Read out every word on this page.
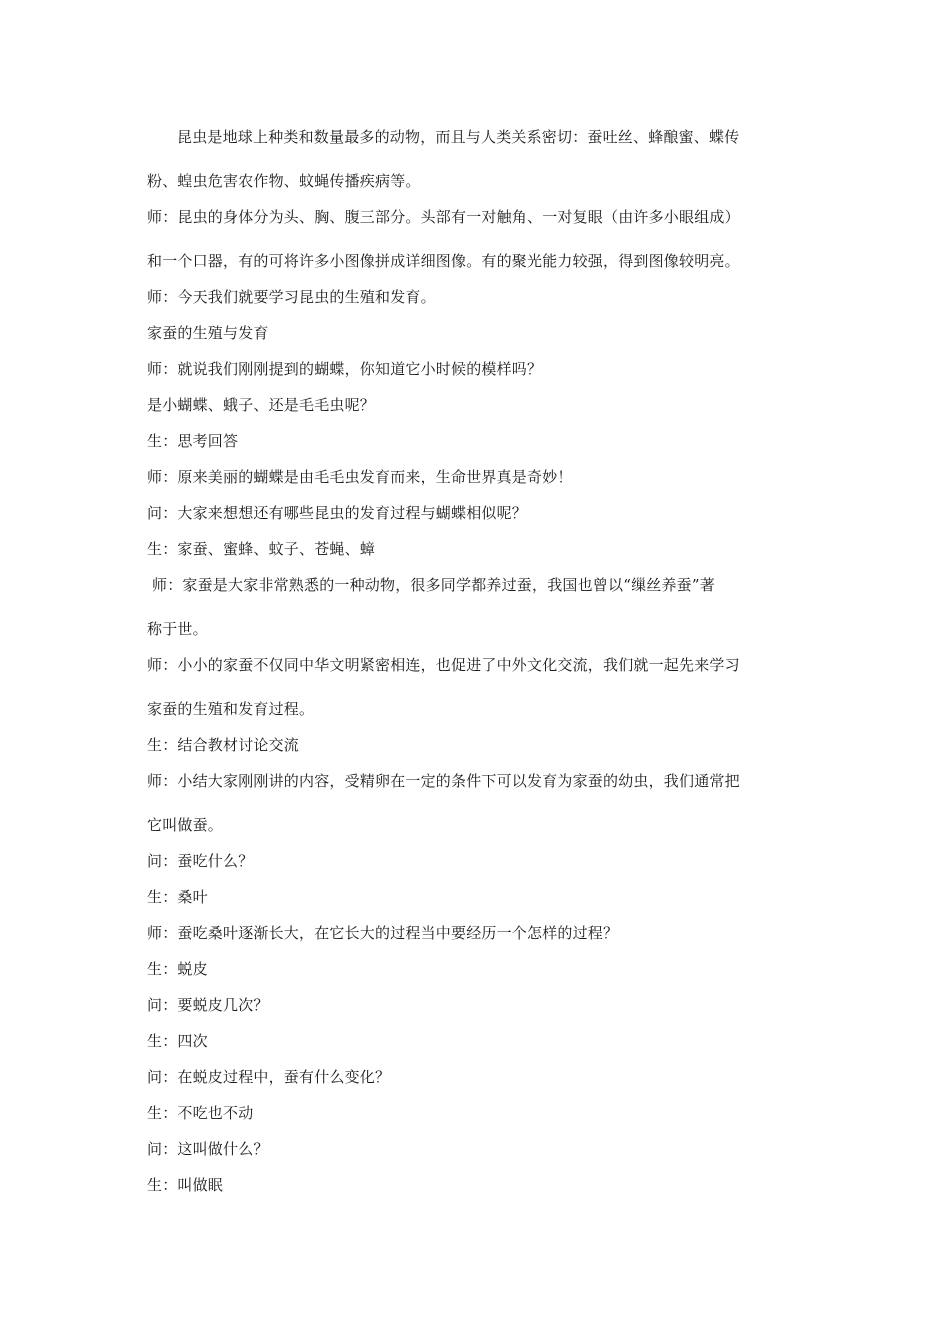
昆虫是地球上种类和数量最多的动物，而且与人类关系密切：蚕吐丝、蜂酿蜜、蝶传
粉、蝗虫危害农作物、蚊蝇传播疾病等。
师：昆虫的身体分为头、胸、腹三部分。头部有一对触角、一对复眼（由许多小眼组成）
和一个口器，有的可将许多小图像拼成详细图像。有的聚光能力较强，得到图像较明亮。
师：今天我们就要学习昆虫的生殖和发育。
家蚕的生殖与发育
师：就说我们刚刚提到的蝴蝶，你知道它小时候的模样吗？
是小蝴蝶、蛾子、还是毛毛虫呢？
生：思考回答
师：原来美丽的蝴蝶是由毛毛虫发育而来，生命世界真是奇妙！
问：大家来想想还有哪些昆虫的发育过程与蝴蝶相似呢？
生：家蚕、蜜蜂、蚊子、苍蝇、蟑
师：家蚕是大家非常熟悉的一种动物，很多同学都养过蚕，我国也曾以“缫丝养蚕”著
称于世。
师：小小的家蚕不仅同中华文明紧密相连，也促进了中外文化交流，我们就一起先来学习
家蚕的生殖和发育过程。
生：结合教材讨论交流
师：小结大家刚刚讲的内容，受精卵在一定的条件下可以发育为家蚕的幼虫，我们通常把
它叫做蚕。
问：蚕吃什么？
生：桑叶
师：蚕吃桑叶逐渐长大，在它长大的过程当中要经历一个怎样的过程？
生：蜕皮
问：要蜕皮几次？
生：四次
问：在蜕皮过程中，蚕有什么变化？
生：不吃也不动
问：这叫做什么？
生：叫做眠
